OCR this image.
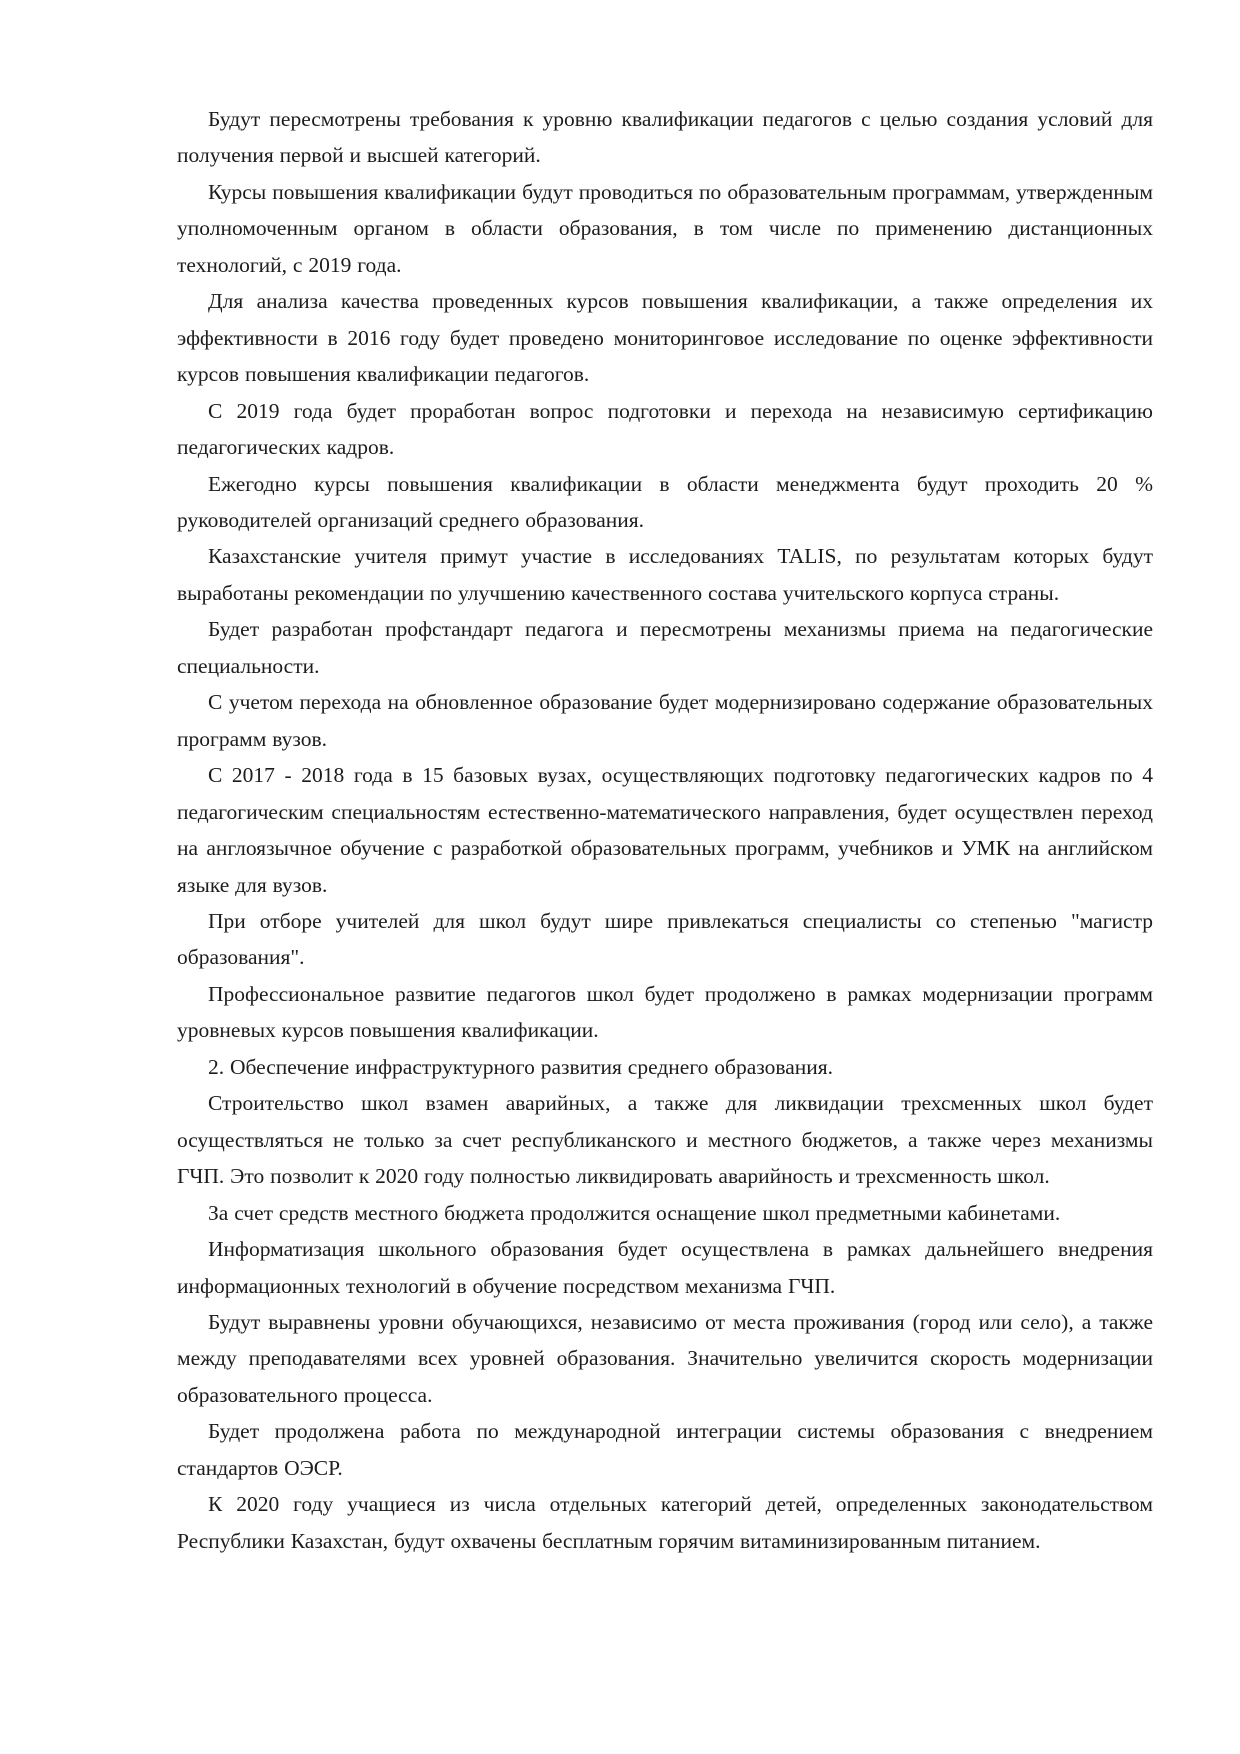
Будут пересмотрены требования к уровню квалификации педагогов с целью создания условий для получения первой и высшей категорий.

Курсы повышения квалификации будут проводиться по образовательным программам, утвержденным уполномоченным органом в области образования, в том числе по применению дистанционных технологий, с 2019 года.

Для анализа качества проведенных курсов повышения квалификации, а также определения их эффективности в 2016 году будет проведено мониторинговое исследование по оценке эффективности курсов повышения квалификации педагогов.

С 2019 года будет проработан вопрос подготовки и перехода на независимую сертификацию педагогических кадров.

Ежегодно курсы повышения квалификации в области менеджмента будут проходить 20 % руководителей организаций среднего образования.

Казахстанские учителя примут участие в исследованиях TALIS, по результатам которых будут выработаны рекомендации по улучшению качественного состава учительского корпуса страны.

Будет разработан профстандарт педагога и пересмотрены механизмы приема на педагогические специальности.

С учетом перехода на обновленное образование будет модернизировано содержание образовательных программ вузов.

С 2017 - 2018 года в 15 базовых вузах, осуществляющих подготовку педагогических кадров по 4 педагогическим специальностям естественно-математического направления, будет осуществлен переход на англоязычное обучение с разработкой образовательных программ, учебников и УМК на английском языке для вузов.

При отборе учителей для школ будут шире привлекаться специалисты со степенью "магистр образования".

Профессиональное развитие педагогов школ будет продолжено в рамках модернизации программ уровневых курсов повышения квалификации.

2. Обеспечение инфраструктурного развития среднего образования.

Строительство школ взамен аварийных, а также для ликвидации трехсменных школ будет осуществляться не только за счет республиканского и местного бюджетов, а также через механизмы ГЧП. Это позволит к 2020 году полностью ликвидировать аварийность и трехсменность школ.

За счет средств местного бюджета продолжится оснащение школ предметными кабинетами.

Информатизация школьного образования будет осуществлена в рамках дальнейшего внедрения информационных технологий в обучение посредством механизма ГЧП.

Будут выравнены уровни обучающихся, независимо от места проживания (город или село), а также между преподавателями всех уровней образования. Значительно увеличится скорость модернизации образовательного процесса.

Будет продолжена работа по международной интеграции системы образования с внедрением стандартов ОЭСР.

К 2020 году учащиеся из числа отдельных категорий детей, определенных законодательством Республики Казахстан, будут охвачены бесплатным горячим витаминизированным питанием.
